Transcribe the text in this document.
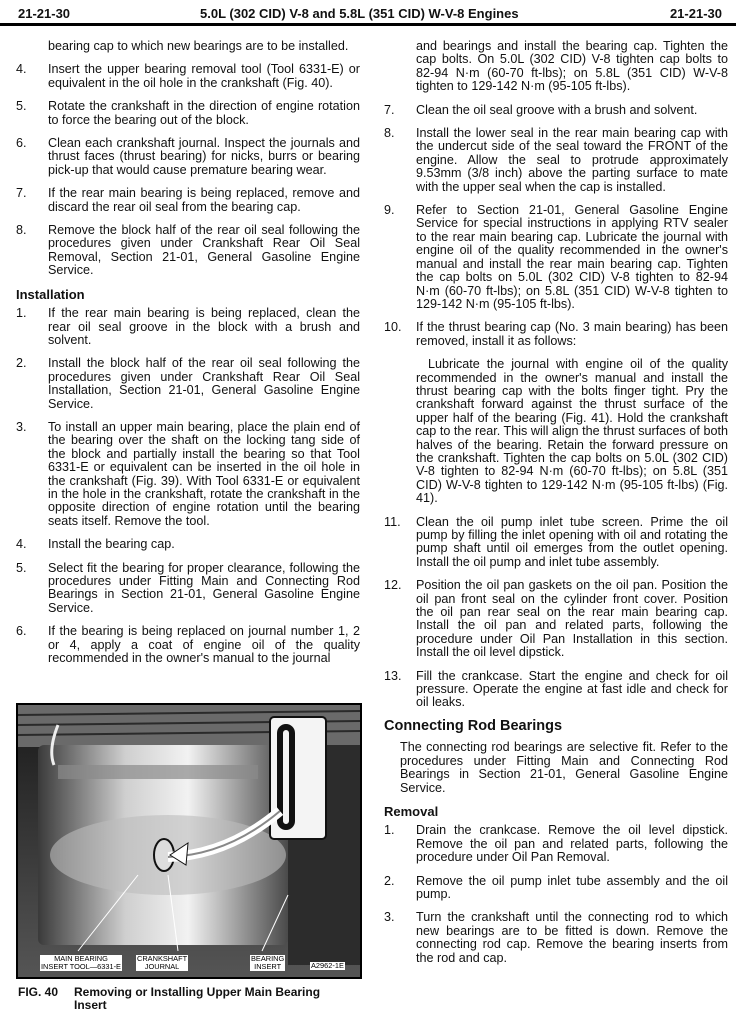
21-21-30	5.0L (302 CID) V-8 and 5.8L (351 CID) W-V-8 Engines	21-21-30
bearing cap to which new bearings are to be installed.
4.	Insert the upper bearing removal tool (Tool 6331-E) or equivalent in the oil hole in the crankshaft (Fig. 40).
5.	Rotate the crankshaft in the direction of engine rotation to force the bearing out of the block.
6.	Clean each crankshaft journal. Inspect the journals and thrust faces (thrust bearing) for nicks, burrs or bearing pick-up that would cause premature bearing wear.
7.	If the rear main bearing is being replaced, remove and discard the rear oil seal from the bearing cap.
8.	Remove the block half of the rear oil seal following the procedures given under Crankshaft Rear Oil Seal Removal, Section 21-01, General Gasoline Engine Service.
Installation
1.	If the rear main bearing is being replaced, clean the rear oil seal groove in the block with a brush and solvent.
2.	Install the block half of the rear oil seal following the procedures given under Crankshaft Rear Oil Seal Installation, Section 21-01, General Gasoline Engine Service.
3.	To install an upper main bearing, place the plain end of the bearing over the shaft on the locking tang side of the block and partially install the bearing so that Tool 6331-E or equivalent can be inserted in the oil hole in the crankshaft (Fig. 39). With Tool 6331-E or equivalent in the hole in the crankshaft, rotate the crankshaft in the opposite direction of engine rotation until the bearing seats itself. Remove the tool.
4.	Install the bearing cap.
5.	Select fit the bearing for proper clearance, following the procedures under Fitting Main and Connecting Rod Bearings in Section 21-01, General Gasoline Engine Service.
6.	If the bearing is being replaced on journal number 1, 2 or 4, apply a coat of engine oil of the quality recommended in the owner's manual to the journal
MAIN BEARING
INSERT TOOL—6331-E
CRANKSHAFT
JOURNAL
BEARING
INSERT	A2962-1E
FIG. 40 Removing or Installing Upper Main Bearing
Insert
and bearings and install the bearing cap. Tighten the cap bolts. On 5.0L (302 CID) V-8 tighten cap bolts to 82-94 N·m (60-70 ft-lbs); on 5.8L (351 CID) W-V-8 tighten to 129-142 N·m (95-105 ft-lbs).
7.	Clean the oil seal groove with a brush and solvent.
8.	Install the lower seal in the rear main bearing cap with the undercut side of the seal toward the FRONT of the engine. Allow the seal to protrude approximately 9.53mm (3/8 inch) above the parting surface to mate with the upper seal when the cap is installed.
9.	Refer to Section 21-01, General Gasoline Engine Service for special instructions in applying RTV sealer to the rear main bearing cap. Lubricate the journal with engine oil of the quality recommended in the owner's manual and install the rear main bearing cap. Tighten the cap bolts on 5.0L (302 CID) V-8 tighten to 82-94 N·m (60-70 ft-lbs); on 5.8L (351 CID) W-V-8 tighten to 129-142 N·m (95-105 ft-lbs).
10.	If the thrust bearing cap (No. 3 main bearing) has been removed, install it as follows:
Lubricate the journal with engine oil of the quality recommended in the owner's manual and install the thrust bearing cap with the bolts finger tight. Pry the crankshaft forward against the thrust surface of the upper half of the bearing (Fig. 41). Hold the crankshaft cap to the rear. This will align the thrust surfaces of both halves of the bearing. Retain the forward pressure on the crankshaft. Tighten the cap bolts on 5.0L (302 CID) V-8 tighten to 82-94 N·m (60-70 ft-lbs); on 5.8L (351 CID) W-V-8 tighten to 129-142 N·m (95-105 ft-lbs) (Fig. 41).
11.	Clean the oil pump inlet tube screen. Prime the oil pump by filling the inlet opening with oil and rotating the pump shaft until oil emerges from the outlet opening. Install the oil pump and inlet tube assembly.
12.	Position the oil pan gaskets on the oil pan. Position the oil pan front seal on the cylinder front cover. Position the oil pan rear seal on the rear main bearing cap. Install the oil pan and related parts, following the procedure under Oil Pan Installation in this section. Install the oil level dipstick.
13.	Fill the crankcase. Start the engine and check for oil pressure. Operate the engine at fast idle and check for oil leaks.
Connecting Rod Bearings
The connecting rod bearings are selective fit. Refer to the procedures under Fitting Main and Connecting Rod Bearings in Section 21-01, General Gasoline Engine Service.
Removal
1.	Drain the crankcase. Remove the oil level dipstick. Remove the oil pan and related parts, following the procedure under Oil Pan Removal.
2.	Remove the oil pump inlet tube assembly and the oil pump.
3.	Turn the crankshaft until the connecting rod to which new bearings are to be fitted is down. Remove the connecting rod cap. Remove the bearing inserts from the rod and cap.
